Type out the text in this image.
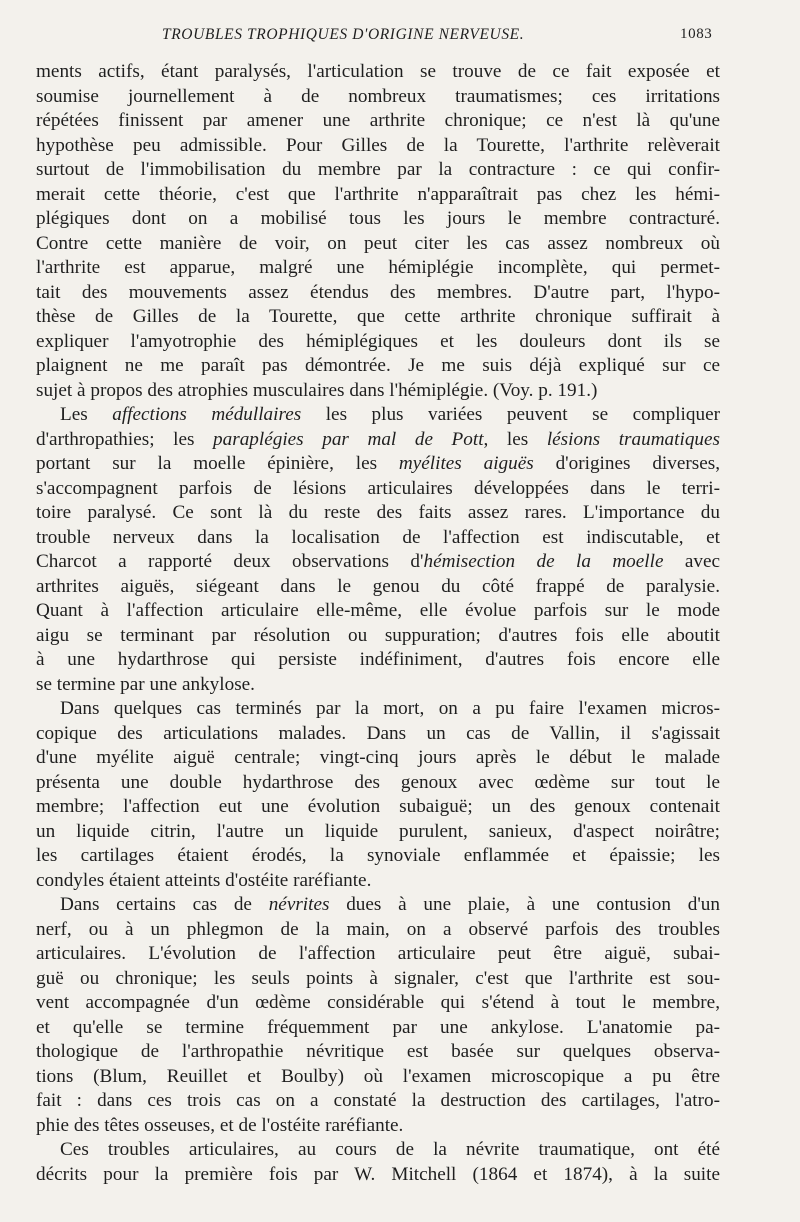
TROUBLES TROPHIQUES D'ORIGINE NERVEUSE.	1083
ments actifs, étant paralysés, l'articulation se trouve de ce fait exposée et
soumise journellement à de nombreux traumatismes; ces irritations
répétées finissent par amener une arthrite chronique; ce n'est là qu'une
hypothèse peu admissible. Pour Gilles de la Tourette, l'arthrite relèverait
surtout de l'immobilisation du membre par la contracture : ce qui confir-
merait cette théorie, c'est que l'arthrite n'apparaîtrait pas chez les hémi-
plégiques dont on a mobilisé tous les jours le membre contracturé.
Contre cette manière de voir, on peut citer les cas assez nombreux où
l'arthrite est apparue, malgré une hémiplégie incomplète, qui permet-
tait des mouvements assez étendus des membres. D'autre part, l'hypo-
thèse de Gilles de la Tourette, que cette arthrite chronique suffirait à
expliquer l'amyotrophie des hémiplégiques et les douleurs dont ils se
plaignent ne me paraît pas démontrée. Je me suis déjà expliqué sur ce
sujet à propos des atrophies musculaires dans l'hémiplégie. (Voy. p. 191.)
Les affections médullaires les plus variées peuvent se compliquer
d'arthropathies; les paraplégies par mal de Pott, les lésions traumatiques
portant sur la moelle épinière, les myélites aiguës d'origines diverses,
s'accompagnent parfois de lésions articulaires développées dans le terri-
toire paralysé. Ce sont là du reste des faits assez rares. L'importance du
trouble nerveux dans la localisation de l'affection est indiscutable, et
Charcot a rapporté deux observations d'hémisection de la moelle avec
arthrites aiguës, siégeant dans le genou du côté frappé de paralysie.
Quant à l'affection articulaire elle-même, elle évolue parfois sur le mode
aigu se terminant par résolution ou suppuration; d'autres fois elle aboutit
à une hydarthrose qui persiste indéfiniment, d'autres fois encore elle
se termine par une ankylose.
Dans quelques cas terminés par la mort, on a pu faire l'examen micros-
copique des articulations malades. Dans un cas de Vallin, il s'agissait
d'une myélite aiguë centrale; vingt-cinq jours après le début le malade
présenta une double hydarthrose des genoux avec œdème sur tout le
membre; l'affection eut une évolution subaiguë; un des genoux contenait
un liquide citrin, l'autre un liquide purulent, sanieux, d'aspect noirâtre;
les cartilages étaient érodés, la synoviale enflammée et épaissie; les
condyles étaient atteints d'ostéite raréfiante.
Dans certains cas de névrites dues à une plaie, à une contusion d'un
nerf, ou à un phlegmon de la main, on a observé parfois des troubles
articulaires. L'évolution de l'affection articulaire peut être aiguë, subai-
guë ou chronique; les seuls points à signaler, c'est que l'arthrite est sou-
vent accompagnée d'un œdème considérable qui s'étend à tout le membre,
et qu'elle se termine fréquemment par une ankylose. L'anatomie pa-
thologique de l'arthropathie névritique est basée sur quelques observa-
tions (Blum, Reuillet et Boulby) où l'examen microscopique a pu être
fait : dans ces trois cas on a constaté la destruction des cartilages, l'atro-
phie des têtes osseuses, et de l'ostéite raréfiante.
Ces troubles articulaires, au cours de la névrite traumatique, ont été
décrits pour la première fois par W. Mitchell (1864 et 1874), à la suite
